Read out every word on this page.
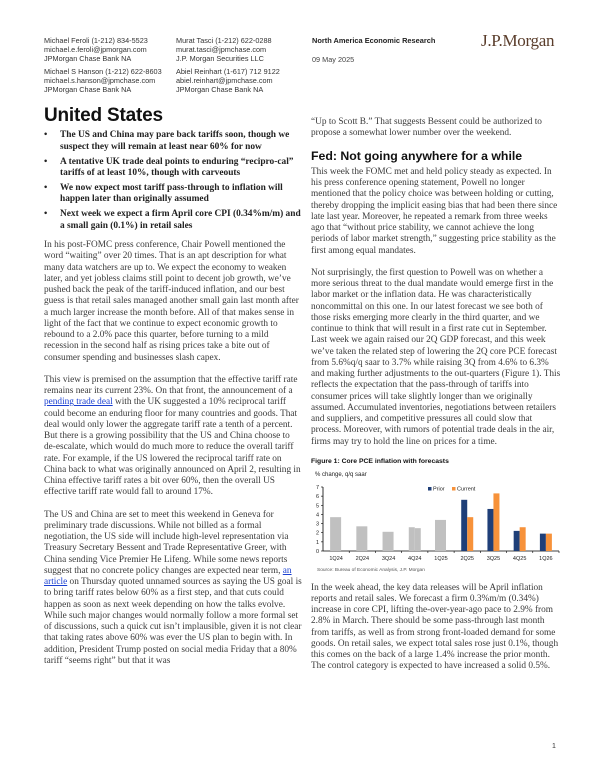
Michael Feroli (1-212) 834-5523
michael.e.feroli@jpmorgan.com
JPMorgan Chase Bank NA
Murat Tasci (1-212) 622-0288
murat.tasci@jpmchase.com
J.P. Morgan Securities LLC
Michael S Hanson (1-212) 622-8603
michael.s.hanson@jpmchase.com
JPMorgan Chase Bank NA
Abiel Reinhart (1-617) 712 9122
abiel.reinhart@jpmchase.com
JPMorgan Chase Bank NA
North America Economic Research
09 May 2025
J.P.Morgan
United States
• The US and China may pare back tariffs soon, though we suspect they will remain at least near 60% for now
• A tentative UK trade deal points to enduring “recipro-cal” tariffs of at least 10%, though with carveouts
• We now expect most tariff pass-through to inflation will happen later than originally assumed
• Next week we expect a firm April core CPI (0.34%m/m) and a small gain (0.1%) in retail sales

In his post-FOMC press conference, Chair Powell mentioned the word “waiting” over 20 times. That is an apt description for what many data watchers are up to. We expect the economy to weaken later, and yet jobless claims still point to decent job growth, we’ve pushed back the peak of the tariff-induced inflation, and our best guess is that retail sales managed another small gain last month after a much larger increase the month before. All of that makes sense in light of the fact that we continue to expect economic growth to rebound to a 2.0% pace this quarter, before turning to a mild recession in the second half as rising prices take a bite out of consumer spending and businesses slash capex.

This view is premised on the assumption that the effective tariff rate remains near its current 23%. On that front, the announcement of a pending trade deal with the UK suggested a 10% reciprocal tariff could become an enduring floor for many countries and goods. That deal would only lower the aggregate tariff rate a tenth of a percent. But there is a growing possibility that the US and China choose to de-escalate, which would do much more to reduce the overall tariff rate. For example, if the US lowered the reciprocal tariff rate on China back to what was originally announced on April 2, resulting in China effective tariff rates a bit over 60%, then the overall US effective tariff rate would fall to around 17%.

The US and China are set to meet this weekend in Geneva for preliminary trade discussions. While not billed as a formal negotiation, the US side will include high-level representation via Treasury Secretary Bessent and Trade Representative Greer, with China sending Vice Premier He Lifeng. While some news reports suggest that no concrete policy changes are expected near term, an article on Thursday quoted unnamed sources as saying the US goal is to bring tariff rates below 60% as a first step, and that cuts could happen as soon as next week depending on how the talks evolve. While such major changes would normally follow a more formal set of discussions, such a quick cut isn’t implausible, given it is not clear that taking rates above 60% was ever the US plan to begin with. In addition, President Trump posted on social media Friday that a 80% tariff “seems right” but that it was

“Up to Scott B.” That suggests Bessent could be authorized to propose a somewhat lower number over the weekend.

Fed: Not going anywhere for a while

This week the FOMC met and held policy steady as expected. In his press conference opening statement, Powell no longer mentioned that the policy choice was between holding or cutting, thereby dropping the implicit easing bias that had been there since late last year. Moreover, he repeated a remark from three weeks ago that “without price stability, we cannot achieve the long periods of labor market strength,” suggesting price stability as the first among equal mandates.

Not surprisingly, the first question to Powell was on whether a more serious threat to the dual mandate would emerge first in the labor market or the inflation data. He was characteristically noncommittal on this one. In our latest forecast we see both of those risks emerging more clearly in the third quarter, and we continue to think that will result in a first rate cut in September. Last week we again raised our 2Q GDP forecast, and this week we’ve taken the related step of lowering the 2Q core PCE forecast from 5.6%q/q saar to 3.7% while raising 3Q from 4.6% to 6.3% and making further adjustments to the out-quarters (Figure 1). This reflects the expectation that the pass-through of tariffs into consumer prices will take slightly longer than we originally assumed. Accumulated inventories, negotiations between retailers and suppliers, and competitive pressures all could slow that process. Moreover, with rumors of potential trade deals in the air, firms may try to hold the line on prices for a time.

Figure 1: Core PCE inflation with forecasts
% change, q/q saar
0
1
2
3
4
5
6
7
1Q24 2Q24 3Q24 4Q24 1Q25 2Q25 3Q25 4Q25 1Q26
Prior Current
Source: Bureau of Economic Analysis, J.P. Morgan

In the week ahead, the key data releases will be April inflation reports and retail sales. We forecast a firm 0.3%m/m (0.34%) increase in core CPI, lifting the-over-year-ago pace to 2.9% from 2.8% in March. There should be some pass-through last month from tariffs, as well as from strong front-loaded demand for some goods. On retail sales, we expect total sales rose just 0.1%, though this comes on the back of a large 1.4% increase the prior month. The control category is expected to have increased a solid 0.5%.

1
